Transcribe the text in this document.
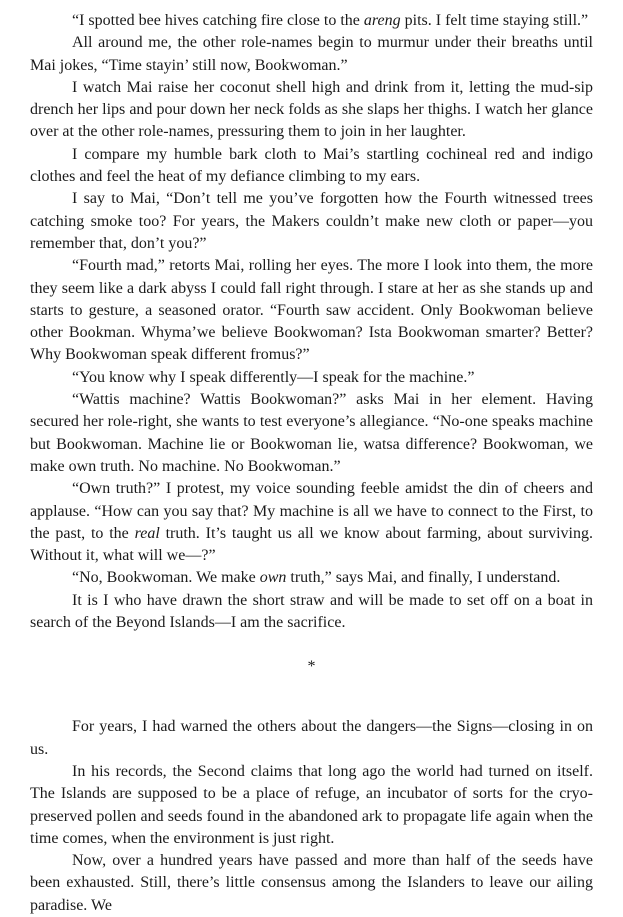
“I spotted bee hives catching fire close to the areng pits. I felt time staying still.”

All around me, the other role-names begin to murmur under their breaths until Mai jokes, “Time stayin’ still now, Bookwoman.”

I watch Mai raise her coconut shell high and drink from it, letting the mud-sip drench her lips and pour down her neck folds as she slaps her thighs. I watch her glance over at the other role-names, pressuring them to join in her laughter.

I compare my humble bark cloth to Mai’s startling cochineal red and indigo clothes and feel the heat of my defiance climbing to my ears.

I say to Mai, “Don’t tell me you’ve forgotten how the Fourth witnessed trees catching smoke too? For years, the Makers couldn’t make new cloth or paper—you remember that, don’t you?”

“Fourth mad,” retorts Mai, rolling her eyes. The more I look into them, the more they seem like a dark abyss I could fall right through. I stare at her as she stands up and starts to gesture, a seasoned orator. “Fourth saw accident. Only Bookwoman believe other Bookman. Whyma’we believe Bookwoman? Ista Bookwoman smarter? Better? Why Bookwoman speak different fromus?”

“You know why I speak differently—I speak for the machine.”

“Wattis machine? Wattis Bookwoman?” asks Mai in her element. Having secured her role-right, she wants to test everyone’s allegiance. “No-one speaks machine but Bookwoman. Machine lie or Bookwoman lie, watsa difference? Bookwoman, we make own truth. No machine. No Bookwoman.”

“Own truth?” I protest, my voice sounding feeble amidst the din of cheers and applause. “How can you say that? My machine is all we have to connect to the First, to the past, to the real truth. It’s taught us all we know about farming, about surviving. Without it, what will we—?”

“No, Bookwoman. We make own truth,” says Mai, and finally, I understand.

It is I who have drawn the short straw and will be made to set off on a boat in search of the Beyond Islands—I am the sacrifice.

*

For years, I had warned the others about the dangers—the Signs—closing in on us.

In his records, the Second claims that long ago the world had turned on itself. The Islands are supposed to be a place of refuge, an incubator of sorts for the cryo-preserved pollen and seeds found in the abandoned ark to propagate life again when the time comes, when the environment is just right.

Now, over a hundred years have passed and more than half of the seeds have been exhausted. Still, there’s little consensus among the Islanders to leave our ailing paradise. We
